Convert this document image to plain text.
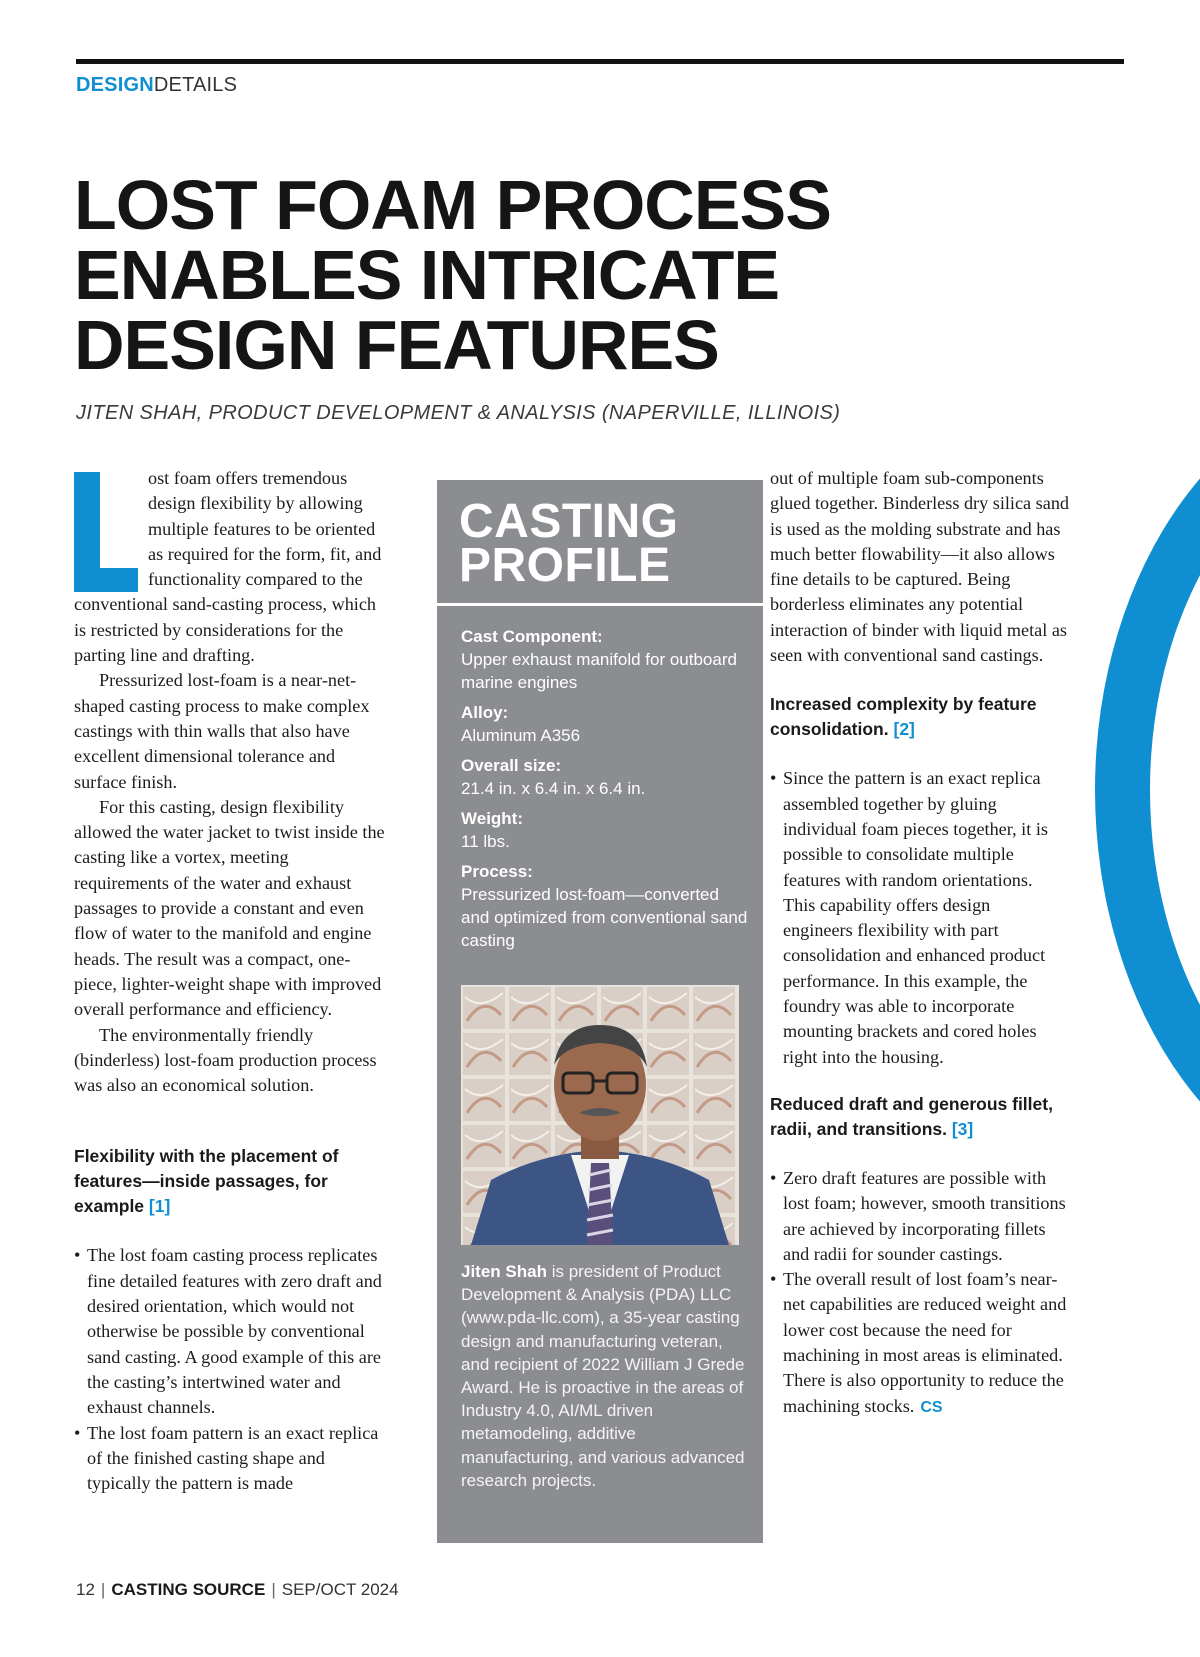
DESIGNDETAILS
LOST FOAM PROCESS
ENABLES INTRICATE
DESIGN FEATURES
JITEN SHAH, PRODUCT DEVELOPMENT & ANALYSIS (NAPERVILLE, ILLINOIS)

ost foam offers tremendous design flexibility by allowing multiple features to be oriented as required for the form, fit, and functionality compared to the conventional sand-casting process, which is restricted by considerations for the parting line and drafting.

Pressurized lost-foam is a near-net-shaped casting process to make complex castings with thin walls that also have excellent dimensional tolerance and surface finish.

For this casting, design flexibility allowed the water jacket to twist inside the casting like a vortex, meeting requirements of the water and exhaust passages to provide a constant and even flow of water to the manifold and engine heads. The result was a compact, one-piece, lighter-weight shape with improved overall performance and efficiency.

The environmentally friendly (binderless) lost-foam production process was also an economical solution.

Flexibility with the placement of features—inside passages, for example [1]

• The lost foam casting process replicates fine detailed features with zero draft and desired orientation, which would not otherwise be possible by conventional sand casting. A good example of this are the casting’s intertwined water and exhaust channels.
• The lost foam pattern is an exact replica of the finished casting shape and typically the pattern is made
CASTING
PROFILE
Cast Component:
Upper exhaust manifold for outboard marine engines
Alloy:
Aluminum A356
Overall size:
21.4 in. x 6.4 in. x 6.4 in.
Weight:
11 lbs.
Process:
Pressurized lost-foam––converted and optimized from conventional sand casting
Jiten Shah is president of Product Development & Analysis (PDA) LLC (www.pda-llc.com), a 35-year casting design and manufacturing veteran, and recipient of 2022 William J Grede Award. He is proactive in the areas of Industry 4.0, AI/ML driven metamodeling, additive manufacturing, and various advanced research projects.

out of multiple foam sub-components glued together. Binderless dry silica sand is used as the molding substrate and has much better flowability—it also allows fine details to be captured. Being borderless eliminates any potential interaction of binder with liquid metal as seen with conventional sand castings.

Increased complexity by feature consolidation. [2]

• Since the pattern is an exact replica assembled together by gluing individual foam pieces together, it is possible to consolidate multiple features with random orientations. This capability offers design engineers flexibility with part consolidation and enhanced product performance. In this example, the foundry was able to incorporate mounting brackets and cored holes right into the housing.

Reduced draft and generous fillet, radii, and transitions. [3]

• Zero draft features are possible with lost foam; however, smooth transitions are achieved by incorporating fillets and radii for sounder castings.
• The overall result of lost foam’s near-net capabilities are reduced weight and lower cost because the need for machining in most areas is eliminated. There is also opportunity to reduce the machining stocks. CS
12 | CASTING SOURCE | SEP/OCT 2024
